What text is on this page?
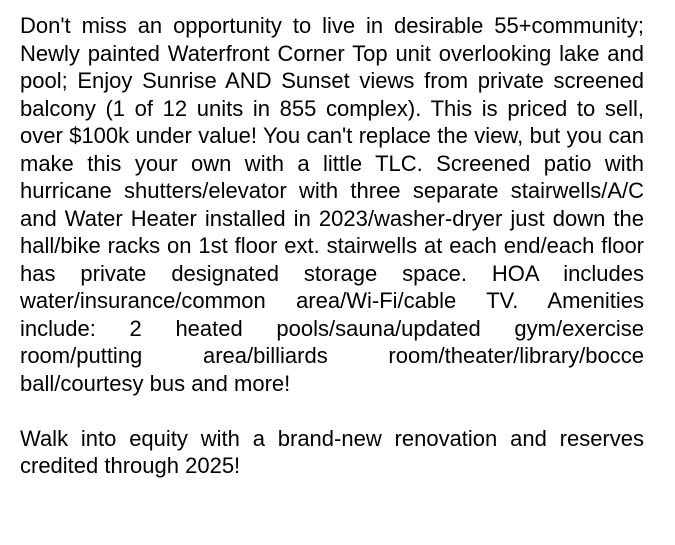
Don't miss an opportunity to live in desirable 55+community; Newly painted Waterfront Corner Top unit overlooking lake and pool; Enjoy Sunrise AND Sunset views from private screened balcony (1 of 12 units in 855 complex). This is priced to sell, over $100k under value! You can't replace the view, but you can make this your own with a little TLC. Screened patio with hurricane shutters/elevator with three separate stairwells/A/C and Water Heater installed in 2023/washer-dryer just down the hall/bike racks on 1st floor ext. stairwells at each end/each floor has private designated storage space. HOA includes water/insurance/common area/Wi-Fi/cable TV. Amenities include: 2 heated pools/sauna/updated gym/exercise room/putting area/billiards room/theater/library/bocce ball/courtesy bus and more!

Walk into equity with a brand-new renovation and reserves credited through 2025!
